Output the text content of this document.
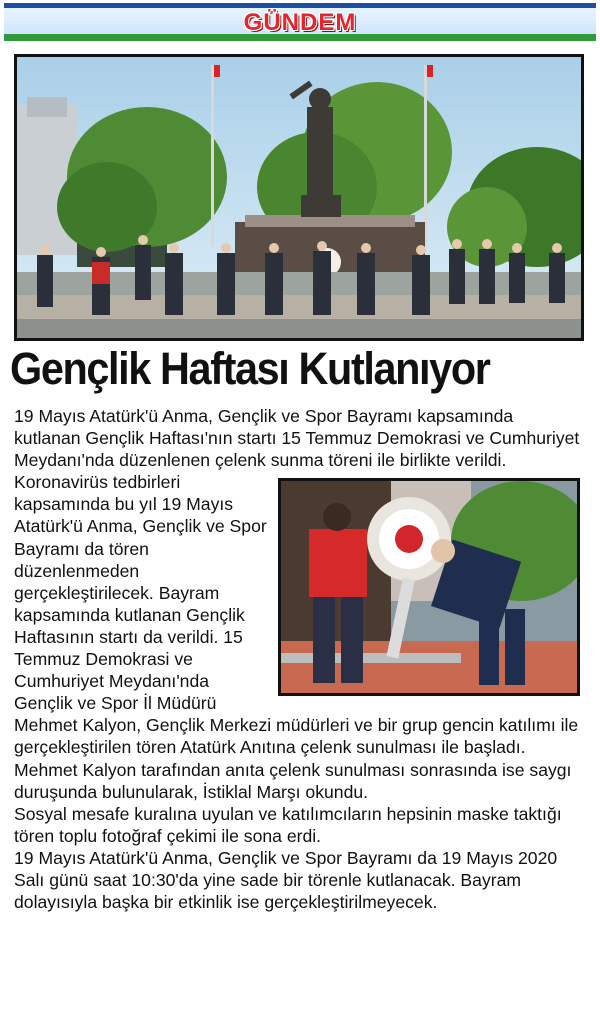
GÜNDEM
Gençlik Haftası Kutlanıyor

19 Mayıs Atatürk'ü Anma, Gençlik ve Spor Bayramı kapsamında kutlanan Gençlik Haftası'nın startı 15 Temmuz Demokrasi ve Cumhuriyet Meydanı'nda düzenlenen çelenk sunma töreni ile birlikte verildi.

Koronavirüs tedbirleri kapsamında bu yıl 19 Mayıs Atatürk'ü Anma, Gençlik ve Spor Bayramı da tören düzenlenmeden gerçekleştirilecek. Bayram kapsamında kutlanan Gençlik Haftasının startı da verildi. 15 Temmuz Demokrasi ve Cumhuriyet Meydanı'nda Gençlik ve Spor İl Müdürü Mehmet Kalyon, Gençlik Merkezi müdürleri ve bir grup gencin katılımı ile gerçekleştirilen tören Atatürk Anıtına çelenk sunulması ile başladı. Mehmet Kalyon tarafından anıta çelenk sunulması sonrasında ise saygı duruşunda bulunularak, İstiklal Marşı okundu.

Sosyal mesafe kuralına uyulan ve katılımcıların hepsinin maske taktığı tören toplu fotoğraf çekimi ile sona erdi.

19 Mayıs Atatürk'ü Anma, Gençlik ve Spor Bayramı da 19 Mayıs 2020 Salı günü saat 10:30'da yine sade bir törenle kutlanacak. Bayram dolayısıyla başka bir etkinlik ise gerçekleştirilmeyecek.
